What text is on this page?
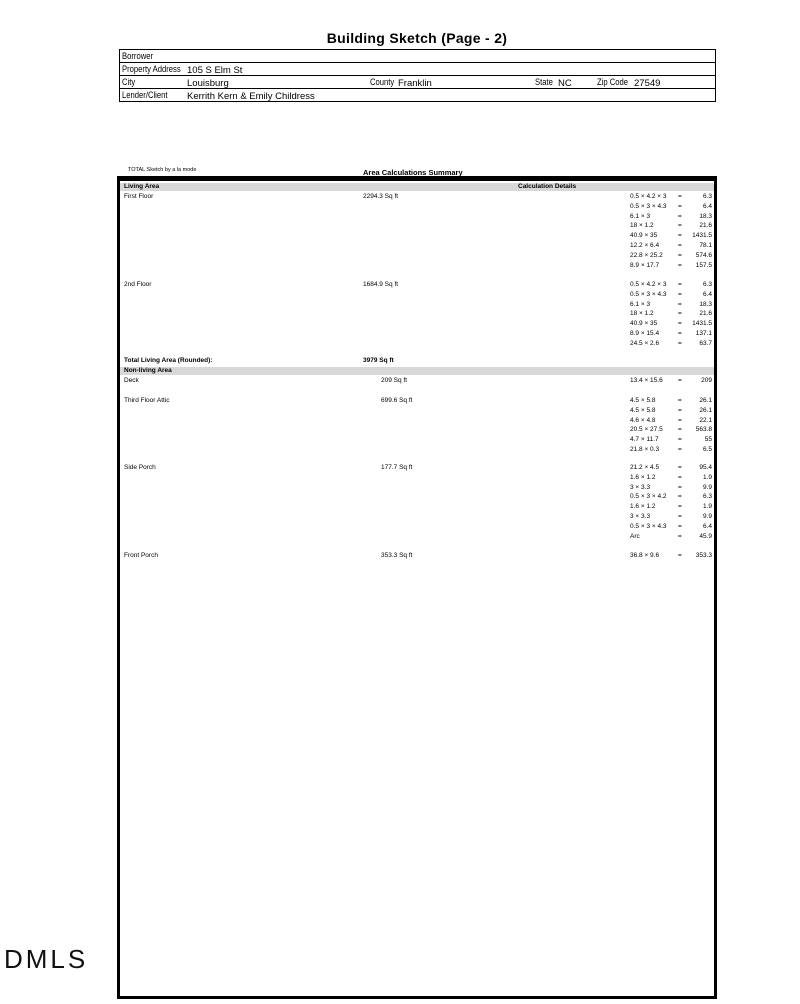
Building Sketch (Page - 2)
Borrower
Property Address 105 S Elm St
City	Louisburg	County Franklin	State NC	Zip Code 27549
Lender/Client Kerrith Kern & Emily Childress
TOTAL Sketch by a la mode	Area Calculations Summary
Living Area	Calculation Details
First Floor	2294.3 Sq ft	0.5 × 4.2 × 3 =	6.3
0.5 × 3 × 4.3 =	6.4
6.1 × 3	=	18.3
18 × 1.2	=	21.6
40.9 × 35	= 1431.5
12.2 × 6.4	=	78.1
22.8 × 25.2 = 574.6
8.9 × 17.7	= 157.5
2nd Floor	1684.9 Sq ft	0.5 × 4.2 × 3 =	6.3
0.5 × 3 × 4.3 =	6.4
6.1 × 3	=	18.3
18 × 1.2	=	21.6
40.9 × 35	= 1431.5
8.9 × 15.4	= 137.1
24.5 × 2.6	=	63.7
Total Living Area (Rounded):	3979 Sq ft
Non-living Area
Deck	209 Sq ft	13.4 × 15.6 =	209
Third Floor Attic	699.6 Sq ft	4.5 × 5.8	=	26.1
4.5 × 5.8	=	26.1
4.6 × 4.8	=	22.1
20.5 × 27.5 = 563.8
4.7 × 11.7	=	55
21.8 × 0.3	=	6.5
Side Porch	177.7 Sq ft	21.2 × 4.5	=	95.4
1.6 × 1.2	=	1.9
3 × 3.3	=	9.9
0.5 × 3 × 4.2 =	6.3
1.6 × 1.2	=	1.9
3 × 3.3	=	9.9
0.5 × 3 × 4.3 =	6.4
Arc	=	45.9
Front Porch	353.3 Sq ft	36.8 × 9.6	= 353.3
DMLS
